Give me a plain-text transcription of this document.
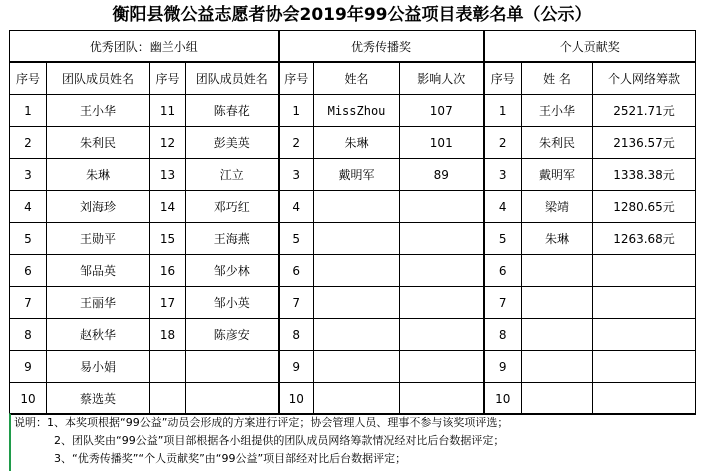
衡阳县微公益志愿者协会2019年99公益项目表彰名单（公示）
优秀团队：幽兰小组				优秀传播奖			个人贡献奖		
序号	团队成员姓名	序号	团队成员姓名	序号	姓名	影响人次	序号	姓 名	个人网络筹款
1	王小华	11	陈春花	1	MissZhou	107	1	王小华	2521.71元
2	朱利民	12	彭美英	2	朱琳	101	2	朱利民	2136.57元
3	朱琳	13	江立	3	戴明军	89	3	戴明军	1338.38元
4	刘海珍	14	邓巧红	4			4	梁靖	1280.65元
5	王勋平	15	王海燕	5			5	朱琳	1263.68元
6	邹品英	16	邹少林	6			6		
7	王丽华	17	邹小英	7			7		
8	赵秋华	18	陈彦安	8			8		
9	易小娟			9			9		
10	蔡选英			10			10		
说明：1、本奖项根据“99公益”动员会形成的方案进行评定；协会管理人员、理事不参与该奖项评选；
2、团队奖由“99公益”项目部根据各小组提供的团队成员网络筹款情况经对比后台数据评定；
3、“优秀传播奖”“个人贡献奖”由“99公益”项目部经对比后台数据评定；
